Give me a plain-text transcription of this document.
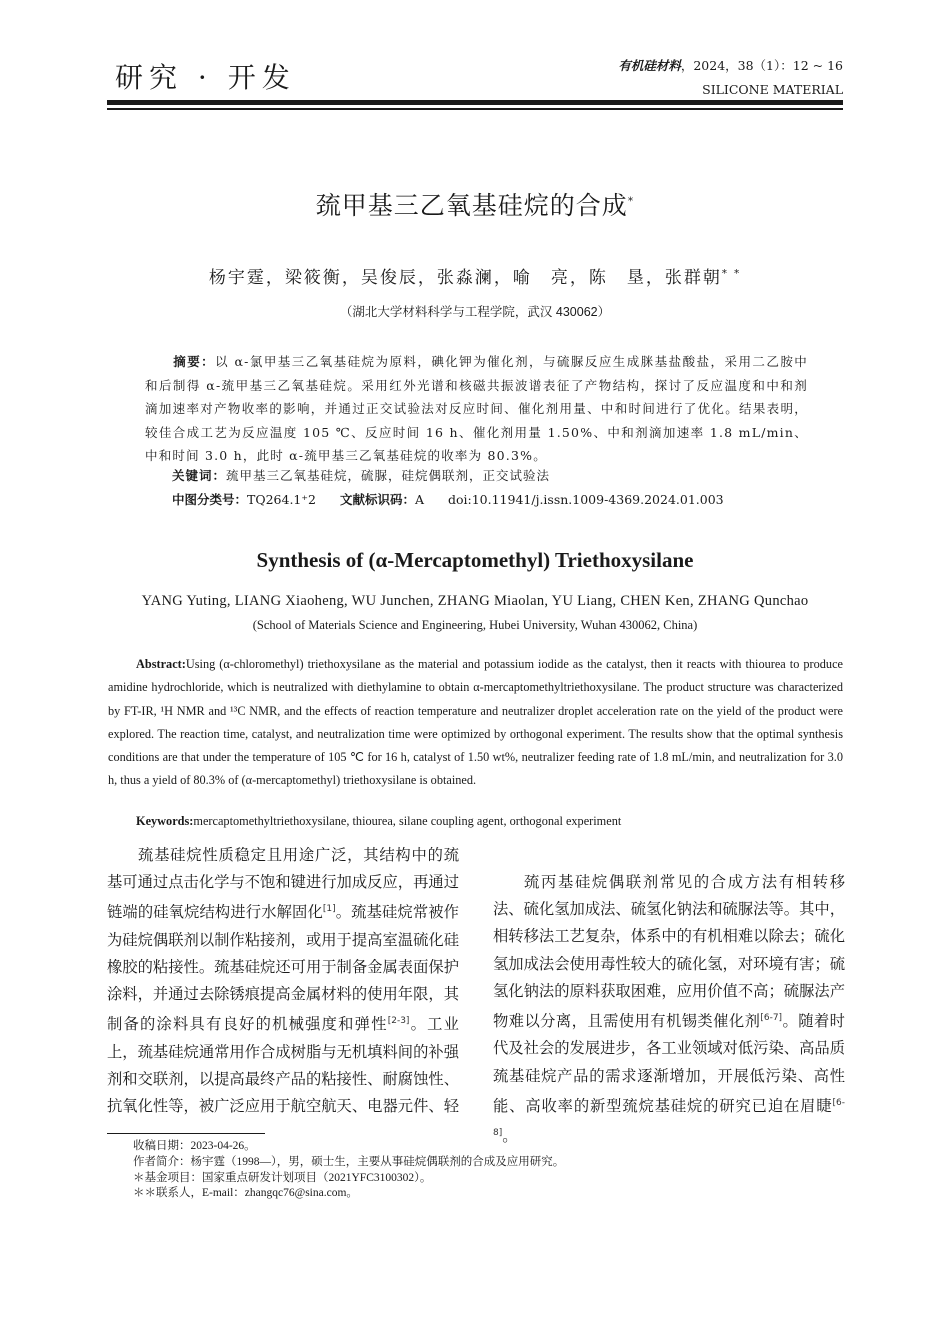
研究 · 开发	有机硅材料，2024，38（1）：12 ~ 16
SILICONE MATERIAL
巯甲基三乙氧基硅烷的合成*
杨宇霆，梁筱衡，吴俊辰，张淼澜，喻　亮，陈　垦，张群朝* *
（湖北大学材料科学与工程学院，武汉 430062）
摘要：以 α-氯甲基三乙氧基硅烷为原料，碘化钾为催化剂，与硫脲反应生成脒基盐酸盐，采用二乙胺中和后制得 α-巯甲基三乙氧基硅烷。采用红外光谱和核磁共振波谱表征了产物结构，探讨了反应温度和中和剂滴加速率对产物收率的影响，并通过正交试验法对反应时间、催化剂用量、中和时间进行了优化。结果表明，较佳合成工艺为反应温度 105 ℃、反应时间 16 h、催化剂用量 1.50%、中和剂滴加速率 1.8 mL/min、中和时间 3.0 h，此时 α-巯甲基三乙氧基硅烷的收率为 80.3%。
关键词：巯甲基三乙氧基硅烷，硫脲，硅烷偶联剂，正交试验法
中图分类号：TQ264.1⁺2 文献标识码：A doi:10.11941/j.issn.1009-4369.2024.01.003
Synthesis of (α-Mercaptomethyl) Triethoxysilane
YANG Yuting, LIANG Xiaoheng, WU Junchen, ZHANG Miaolan, YU Liang, CHEN Ken, ZHANG Qunchao
(School of Materials Science and Engineering, Hubei University, Wuhan 430062, China)
Abstract:Using (α-chloromethyl) triethoxysilane as the material and potassium iodide as the catalyst, then it reacts with thiourea to produce amidine hydrochloride, which is neutralized with diethylamine to obtain α-mercaptomethyltriethoxysilane. The product structure was characterized by FT-IR, ¹H NMR and ¹³C NMR, and the effects of reaction temperature and neutralizer droplet acceleration rate on the yield of the product were explored. The reaction time, catalyst, and neutralization time were optimized by orthogonal experiment. The results show that the optimal synthesis conditions are that under the temperature of 105 ℃ for 16 h, catalyst of 1.50 wt%, neutralizer feeding rate of 1.8 mL/min, and neutralization for 3.0 h, thus a yield of 80.3% of (α-mercaptomethyl) triethoxysilane is obtained.
Keywords:mercaptomethyltriethoxysilane, thiourea, silane coupling agent, orthogonal experiment

巯基硅烷性质稳定且用途广泛，其结构中的巯基可通过点击化学与不饱和键进行加成反应，再通过链端的硅氧烷结构进行水解固化[1]。巯基硅烷常被作为硅烷偶联剂以制作粘接剂，或用于提高室温硫化硅橡胶的粘接性。巯基硅烷还可用于制备金属表面保护涂料，并通过去除锈痕提高金属材料的使用年限，其制备的涂料具有良好的机械强度和弹性[2-3]。工业上，巯基硅烷通常用作合成树脂与无机填料间的补强剂和交联剂，以提高最终产品的粘接性、耐腐蚀性、抗氧化性等，被广泛应用于航空航天、电器元件、轻

巯丙基硅烷偶联剂常见的合成方法有相转移法、硫化氢加成法、硫氢化钠法和硫脲法等。其中，相转移法工艺复杂，体系中的有机相难以除去；硫化氢加成法会使用毒性较大的硫化氢，对环境有害；硫氢化钠法的原料获取困难，应用价值不高；硫脲法产物难以分离，且需使用有机锡类催化剂[6-7]。随着时代及社会的发展进步，各工业领域对低污染、高品质巯基硅烷产品的需求逐渐增加，开展低污染、高性能、高收率的新型巯烷基硅烷的研究已迫在眉睫[6-8]。

收稿日期：2023-04-26。
作者简介：杨宇霆（1998—），男，硕士生，主要从事硅烷偶联剂的合成及应用研究。
＊基金项目：国家重点研发计划项目（2021YFC3100302）。
＊＊联系人，E-mail：zhangqc76@sina.com。
